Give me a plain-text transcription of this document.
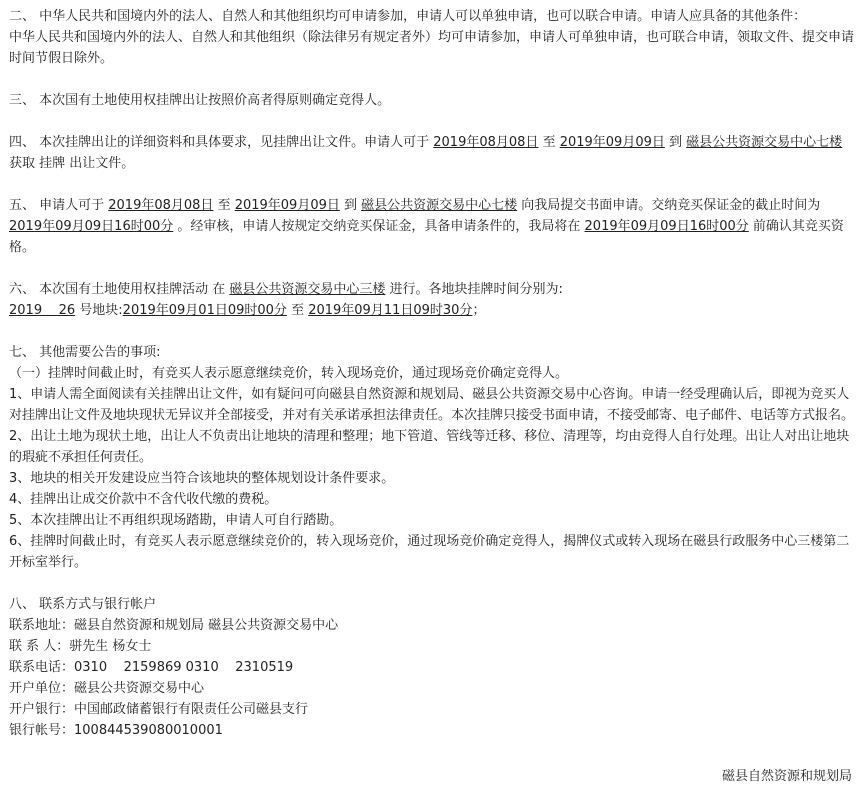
二、 中华人民共和国境内外的法人、自然人和其他组织均可申请参加，申请人可以单独申请，也可以联合申请。申请人应具备的其他条件：

中华人民共和国境内外的法人、自然人和其他组织（除法律另有规定者外）均可申请参加，申请人可单独申请，也可联合申请，领取文件、提交申请时间节假日除外。

三、 本次国有土地使用权挂牌出让按照价高者得原则确定竞得人。

四、 本次挂牌出让的详细资料和具体要求，见挂牌出让文件。申请人可于 2019年08月08日 至 2019年09月09日 到 磁县公共资源交易中心七楼 获取 挂牌 出让文件。

五、 申请人可于 2019年08月08日 至 2019年09月09日 到 磁县公共资源交易中心七楼 向我局提交书面申请。交纳竞买保证金的截止时间为 2019年09月09日16时00分 。经审核，申请人按规定交纳竞买保证金，具备申请条件的，我局将在 2019年09月09日16时00分 前确认其竞买资格。

六、 本次国有土地使用权挂牌活动 在 磁县公共资源交易中心三楼 进行。各地块挂牌时间分别为:

2019    26 号地块:2019年09月01日09时00分 至 2019年09月11日09时30分；

七、 其他需要公告的事项:

（一）挂牌时间截止时，有竞买人表示愿意继续竞价，转入现场竞价，通过现场竞价确定竞得人。

1、申请人需全面阅读有关挂牌出让文件，如有疑问可向磁县自然资源和规划局、磁县公共资源交易中心咨询。申请一经受理确认后，即视为竞买人对挂牌出让文件及地块现状无异议并全部接受，并对有关承诺承担法律责任。本次挂牌只接受书面申请，不接受邮寄、电子邮件、电话等方式报名。

2、出让土地为现状土地，出让人不负责出让地块的清理和整理；地下管道、管线等迁移、移位、清理等，均由竞得人自行处理。出让人对出让地块的瑕疵不承担任何责任。

3、地块的相关开发建设应当符合该地块的整体规划设计条件要求。

4、挂牌出让成交价款中不含代收代缴的费税。

5、本次挂牌出让不再组织现场踏勘，申请人可自行踏勘。

6、挂牌时间截止时，有竞买人表示愿意继续竞价的，转入现场竞价，通过现场竞价确定竞得人，揭牌仪式或转入现场在磁县行政服务中心三楼第二开标室举行。

八、 联系方式与银行帐户

联系地址：磁县自然资源和规划局 磁县公共资源交易中心

联 系 人：骈先生 杨女士

联系电话：0310    2159869 0310    2310519

开户单位：磁县公共资源交易中心

开户银行：中国邮政储蓄银行有限责任公司磁县支行

银行帐号：100844539080010001

磁县自然资源和规划局
